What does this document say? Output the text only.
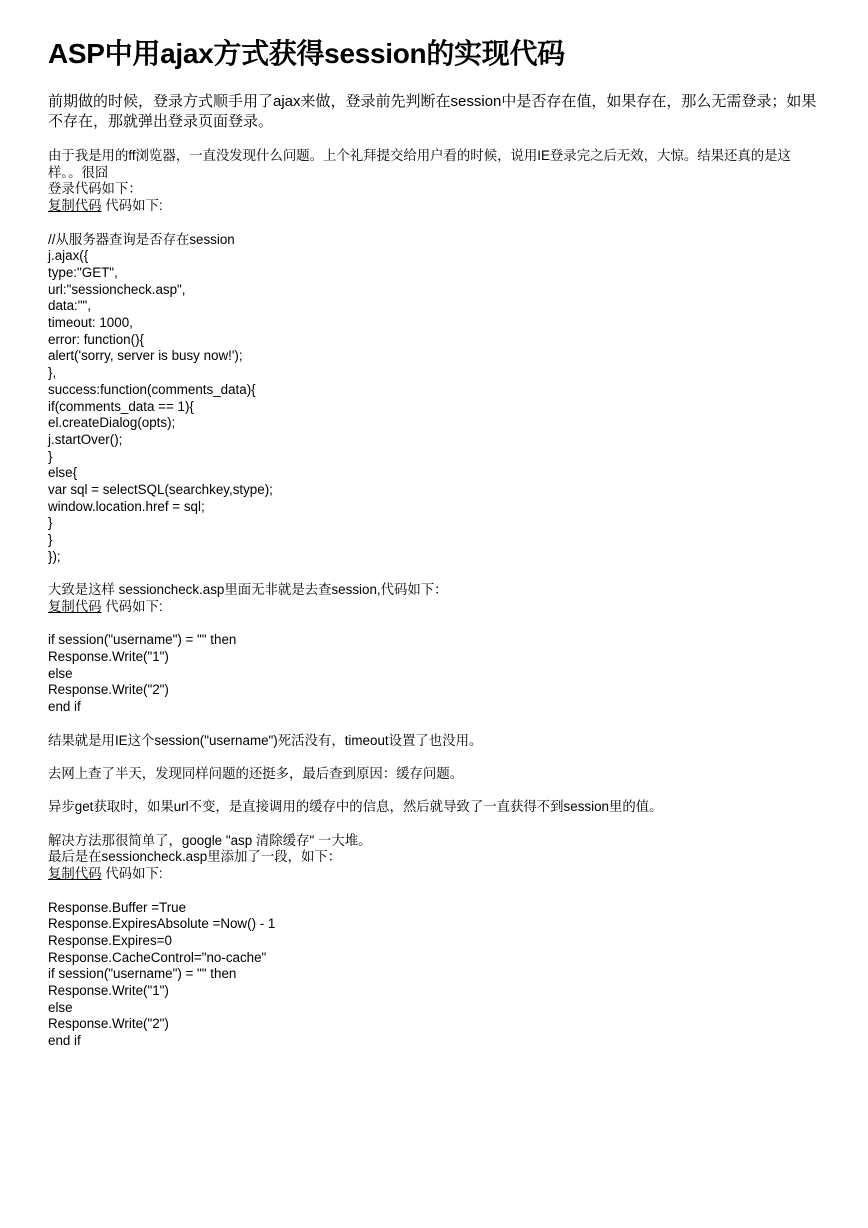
ASP中用ajax方式获得session的实现代码

前期做的时候，登录方式顺手用了ajax来做，登录前先判断在session中是否存在值，如果存在，那么无需登录；如果不存在，那就弹出登录页面登录。

由于我是用的ff浏览器，一直没发现什么问题。上个礼拜提交给用户看的时候，说用IE登录完之后无效，大惊。结果还真的是这样。。很囧

登录代码如下：

复制代码 代码如下:

//从服务器查询是否存在session
j.ajax({
type:"GET",
url:"sessioncheck.asp",
data:"",
timeout: 1000,
error: function(){
alert('sorry, server is busy now!');
},
success:function(comments_data){
if(comments_data == 1){
el.createDialog(opts);
j.startOver();
}
else{
var sql = selectSQL(searchkey,stype);
window.location.href = sql;
}
}
});

大致是这样 sessioncheck.asp里面无非就是去查session,代码如下：

复制代码 代码如下:

if session("username") = "" then
Response.Write("1")
else
Response.Write("2")
end if

结果就是用IE这个session("username")死活没有，timeout设置了也没用。

去网上查了半天，发现同样问题的还挺多，最后查到原因：缓存问题。

异步get获取时，如果url不变，是直接调用的缓存中的信息，然后就导致了一直获得不到session里的值。

解决方法那很简单了，google "asp 清除缓存" 一大堆。

最后是在sessioncheck.asp里添加了一段，如下：

复制代码 代码如下:

Response.Buffer =True
Response.ExpiresAbsolute =Now() - 1
Response.Expires=0
Response.CacheControl="no-cache"
if session("username") = "" then
Response.Write("1")
else
Response.Write("2")
end if
